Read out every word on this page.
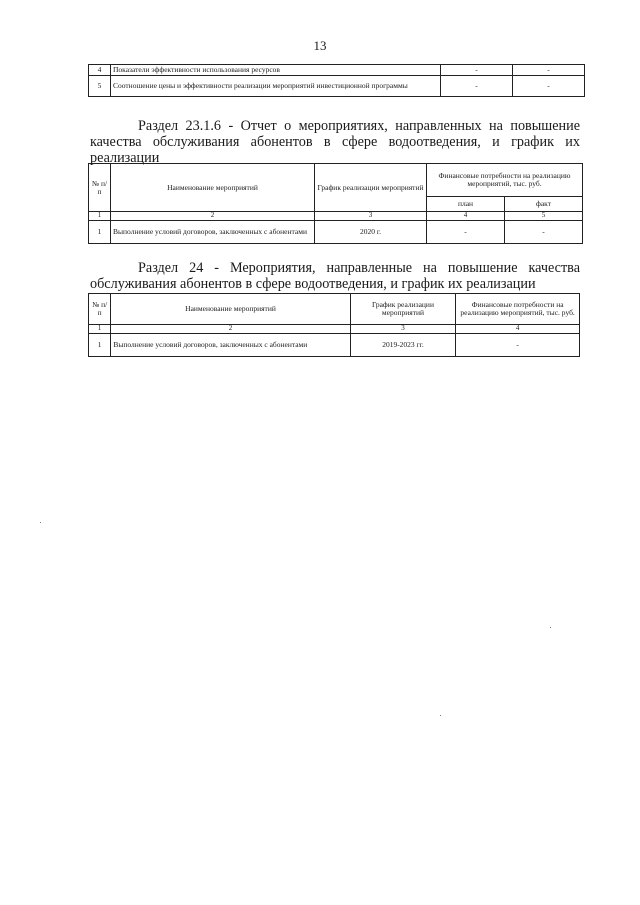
13
4	Показатели эффективности использования ресурсов	-	-
5	Соотношение цены и эффективности реализации мероприятий инвестиционной программы	-	-
Раздел 23.1.6 - Отчет о мероприятиях, направленных на повышение качества обслуживания абонентов в сфере водоотведения, и график их реализации
№ п/п	Наименование мероприятий	График реализации мероприятий	Финансовые потребности на реализацию мероприятий, тыс. руб.	
			план	факт
1	2	3	4	5
1	Выполнение условий договоров, заключенных с абонентами	2020 г.	-	-
Раздел 24 - Мероприятия, направленные на повышение качества обслуживания абонентов в сфере водоотведения, и график их реализации
№ п/п	Наименование мероприятий	График реализации мероприятий	Финансовые потребности на реализацию мероприятий, тыс. руб.
1	2	3	4
1	Выполнение условий договоров, заключенных с абонентами	2019-2023 гг.	-
